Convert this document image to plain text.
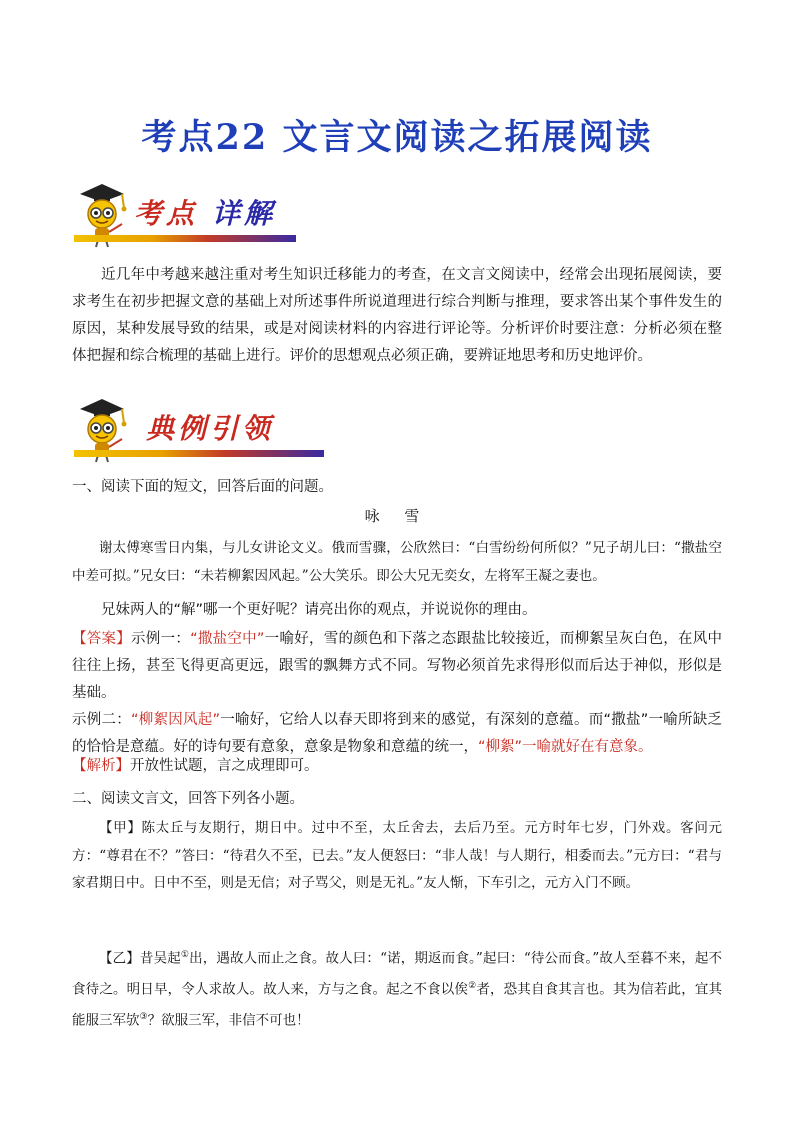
考点22 文言文阅读之拓展阅读
考点 详解
近几年中考越来越注重对考生知识迁移能力的考查，在文言文阅读中，经常会出现拓展阅读，要求考生在初步把握文意的基础上对所述事件所说道理进行综合判断与推理，要求答出某个事件发生的原因，某种发展导致的结果，或是对阅读材料的内容进行评论等。分析评价时要注意：分析必须在整体把握和综合梳理的基础上进行。评价的思想观点必须正确，要辨证地思考和历史地评价。
典例引领
一、阅读下面的短文，回答后面的问题。
咏 雪
谢太傅寒雪日内集，与儿女讲论文义。俄而雪骤，公欣然曰：“白雪纷纷何所似？”兄子胡儿曰：“撒盐空中差可拟。”兄女曰：“未若柳絮因风起。”公大笑乐。即公大兄无奕女，左将军王凝之妻也。
兄妹两人的“解”哪一个更好呢？请亮出你的观点，并说说你的理由。
【答案】示例一：“撒盐空中”一喻好，雪的颜色和下落之态跟盐比较接近，而柳絮呈灰白色，在风中往往上扬，甚至飞得更高更远，跟雪的飘舞方式不同。写物必须首先求得形似而后达于神似，形似是基础。
示例二：“柳絮因风起”一喻好，它给人以春天即将到来的感觉，有深刻的意蕴。而“撒盐”一喻所缺乏的恰恰是意蕴。好的诗句要有意象，意象是物象和意蕴的统一，“柳絮”一喻就好在有意象。
【解析】开放性试题，言之成理即可。
二、阅读文言文，回答下列各小题。
【甲】陈太丘与友期行，期日中。过中不至，太丘舍去，去后乃至。元方时年七岁，门外戏。客问元方：“尊君在不？”答曰：“待君久不至，已去。”友人便怒曰：“非人哉！与人期行，相委而去。”元方曰：“君与家君期日中。日中不至，则是无信；对子骂父，则是无礼。”友人惭，下车引之，元方入门不顾。
【乙】昔吴起①出，遇故人而止之食。故人曰：“诺，期返而食。”起曰：“待公而食。”故人至暮不来，起不食待之。明日早，令人求故人。故人来，方与之食。起之不食以俟②者，恐其自食其言也。其为信若此，宜其能服三军欤③？欲服三军，非信不可也！
